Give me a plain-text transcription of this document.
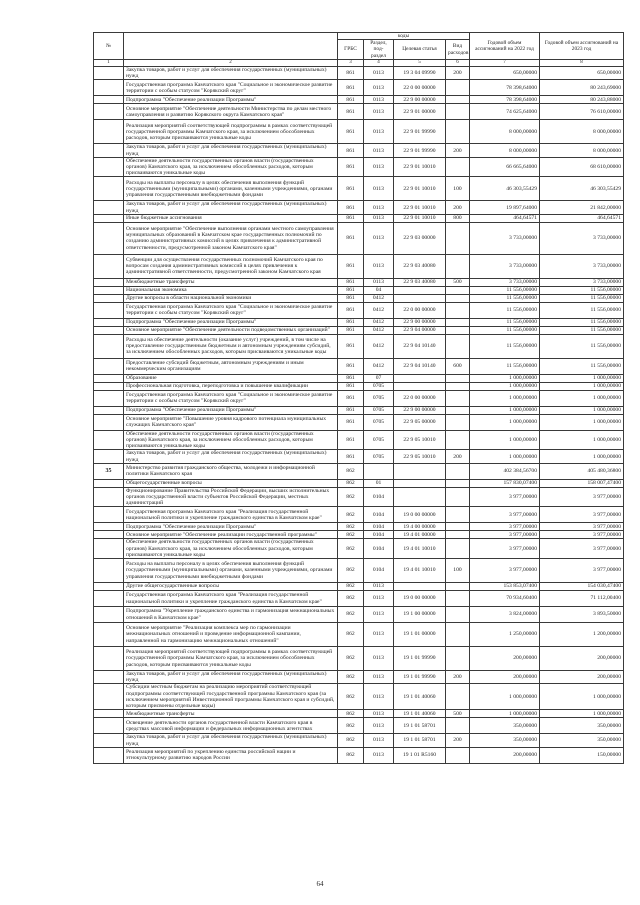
№		коды				Годовой объем ассигнований на 2022 год	Годовой объем ассигнований на 2023 год
		ГРБС	Раздел, под- раздел	Целевая статья	Вид расходов		
1	2	3	4	5	6	7	8
	Закупка товаров, работ и услуг для обеспечения государственных (муниципальных) нужд	861	0113	19 3 04 09990	200	650,00000	650,00000
	Государственная программа Камчатского края "Социальное и экономическое развитие территории с особым статусом "Корякский округ"	861	0113	22 0 00 00000		78 398,64000	80 243,69000
	Подпрограмма "Обеспечение реализации Программы"	861	0113	22 9 00 00000		78 398,64000	80 243,88000
	Основное мероприятие "Обеспечение деятельности Министерства по делам местного самоуправления и развитию Корякского округа Камчатского края"	861	0113	22 9 01 00000		74 625,64000	76 610,00000
	Реализация мероприятий соответствующей подпрограммы в рамках соответствующей государственной программы Камчатского края, за исключением обособленных расходов, которым присваиваются уникальные коды	861	0113	22 9 01 99990		8 000,00000	8 000,00000
	Закупка товаров, работ и услуг для обеспечения государственных (муниципальных) нужд	861	0113	22 9 01 99990	200	8 000,00000	8 000,00000
	Обеспечение деятельности государственных органов власти (государственных органов) Камчатского края, за исключением обособленных расходов, которым присваиваются уникальные коды	861	0113	22 9 01 10010		66 665,64000	68 610,00000
	Расходы на выплаты персоналу в целях обеспечения выполнения функций государственными (муниципальными) органами, казенными учреждениями, органами управления государственными внебюджетными фондами	861	0113	22 9 01 10010	100	46 303,55429	46 303,55429
	Закупка товаров, работ и услуг для обеспечения государственных (муниципальных) нужд	861	0113	22 9 01 10010	200	19 897,64000	21 842,00000
	Иные бюджетные ассигнования	861	0113	22 9 01 10010	800	464,64571	464,64571
	Основное мероприятие "Обеспечение выполнения органами местного самоуправления муниципальных образований в Камчатском крае государственных полномочий по созданию административных комиссий в целях привлечения к административной ответственности, предусмотренной законом Камчатского края"	861	0113	22 9 03 00000		3 733,00000	3 733,00000
	Субвенции для осуществления государственных полномочий Камчатского края по вопросам создания административных комиссий в целях привлечения к административной ответственности, предусмотренной законом Камчатского края	861	0113	22 9 03 40080		3 733,00000	3 733,00000
	Межбюджетные трансферты	861	0113	22 9 03 40080	500	3 733,00000	3 733,00000
	Национальная экономика	861	04			11 556,00000	11 556,00000
	Другие вопросы в области национальной экономики	861	0412			11 556,00000	11 556,00000
	Государственная программа Камчатского края "Социальное и экономическое развитие территории с особым статусом "Корякский округ"	861	0412	22 0 00 00000		11 556,00000	11 556,00000
	Подпрограмма "Обеспечение реализации Программы"	861	0412	22 9 00 00000		11 556,00000	11 556,00000
	Основное мероприятие "Обеспечение деятельности подведомственных организаций"	861	0412	22 9 04 00000		11 556,00000	11 556,00000
	Расходы на обеспечение деятельности (оказание услуг) учреждений, в том числе на предоставление государственным бюджетным и автономным учреждениям субсидий, за исключением обособленных расходов, которым присваиваются уникальные коды	861	0412	22 9 04 10140		11 556,00000	11 556,00000
	Предоставление субсидий бюджетным, автономным учреждениям и иным некоммерческим организациям	861	0412	22 9 04 10140	600	11 556,00000	11 556,00000
	Образование	861	07			1 000,00000	1 000,00000
	Профессиональная подготовка, переподготовка и повышение квалификации	861	0705			1 000,00000	1 000,00000
	Государственная программа Камчатского края "Социальное и экономическое развитие территории с особым статусом "Корякский округ"	861	0705	22 0 00 00000		1 000,00000	1 000,00000
	Подпрограмма "Обеспечение реализации Программы"	861	0705	22 9 00 00000		1 000,00000	1 000,00000
	Основное мероприятие "Повышение уровня кадрового потенциала муниципальных служащих Камчатского края"	861	0705	22 9 05 00000		1 000,00000	1 000,00000
	Обеспечение деятельности государственных органов власти (государственных органов) Камчатского края, за исключением обособленных расходов, которым присваиваются уникальные коды	861	0705	22 9 05 10010		1 000,00000	1 000,00000
	Закупка товаров, работ и услуг для обеспечения государственных (муниципальных) нужд	861	0705	22 9 05 10010	200	1 000,00000	1 000,00000
35	Министерство развития гражданского общества, молодежи и информационной политики Камчатского края	862				402 384,56700	405 480,36800
	Общегосударственные вопросы	862	01			157 830,07400	158 007,47400
	Функционирование Правительства Российской Федерации, высших исполнительных органов государственной власти субъектов Российской Федерации, местных администраций	862	0104			3 977,00000	3 977,00000
	Государственная программа Камчатского края "Реализация государственной национальной политики и укрепление гражданского единства в Камчатском крае"	862	0104	19 0 00 00000		3 977,00000	3 977,00000
	Подпрограмма "Обеспечение реализации Программы"	862	0104	19 4 00 00000		3 977,00000	3 977,00000
	Основное мероприятие "Обеспечение реализации государственной программы"	862	0104	19 4 01 00000		3 977,00000	3 977,00000
	Обеспечение деятельности государственных органов власти (государственных органов) Камчатского края, за исключением обособленных расходов, которым присваиваются уникальные коды	862	0104	19 4 01 10010		3 977,00000	3 977,00000
	Расходы на выплаты персоналу в целях обеспечения выполнения функций государственными (муниципальными) органами, казенными учреждениями, органами управления государственными внебюджетными фондами	862	0104	19 4 01 10010	100	3 977,00000	3 977,00000
	Другие общегосударственные вопросы	862	0113			153 853,07400	154 030,47400
	Государственная программа Камчатского края "Реализация государственной национальной политики и укрепление гражданского единства в Камчатском крае"	862	0113	19 0 00 00000		70 934,60400	71 112,00400
	Подпрограмма "Укрепление гражданского единства и гармонизация межнациональных отношений в Камчатском крае"	862	0113	19 1 00 00000		3 824,00000	3 893,50000
	Основное мероприятие "Реализация комплекса мер по гармонизации межнациональных отношений и проведение информационной кампании, направленной на гармонизацию межнациональных отношений"	862	0113	19 1 01 00000		1 250,00000	1 200,00000
	Реализация мероприятий соответствующей подпрограммы в рамках соответствующей государственной программы Камчатского края, за исключением обособленных расходов, которым присваиваются уникальные коды	862	0113	19 1 01 99990		200,00000	200,00000
	Закупка товаров, работ и услуг для обеспечения государственных (муниципальных) нужд	862	0113	19 1 01 99990	200	200,00000	200,00000
	Субсидии местным бюджетам на реализацию мероприятий соответствующей подпрограммы соответствующей государственной программы Камчатского края (за исключением мероприятий Инвестиционной программы Камчатского края и субсидий, которым присвоены отдельные коды)	862	0113	19 1 01 40060		1 000,00000	1 000,00000
	Межбюджетные трансферты	862	0113	19 1 01 40060	500	1 000,00000	1 000,00000
	Освещение деятельности органов государственной власти Камчатского края в средствах массовой информации и федеральных информационных агентствах	862	0113	19 1 01 58701		350,00000	350,00000
	Закупка товаров, работ и услуг для обеспечения государственных (муниципальных) нужд	862	0113	19 1 01 58701	200	350,00000	350,00000
	Реализация мероприятий по укреплению единства российской нации и этнокультурному развитию народов России	862	0113	19 1 01 R5160		200,00000	150,00000
64
